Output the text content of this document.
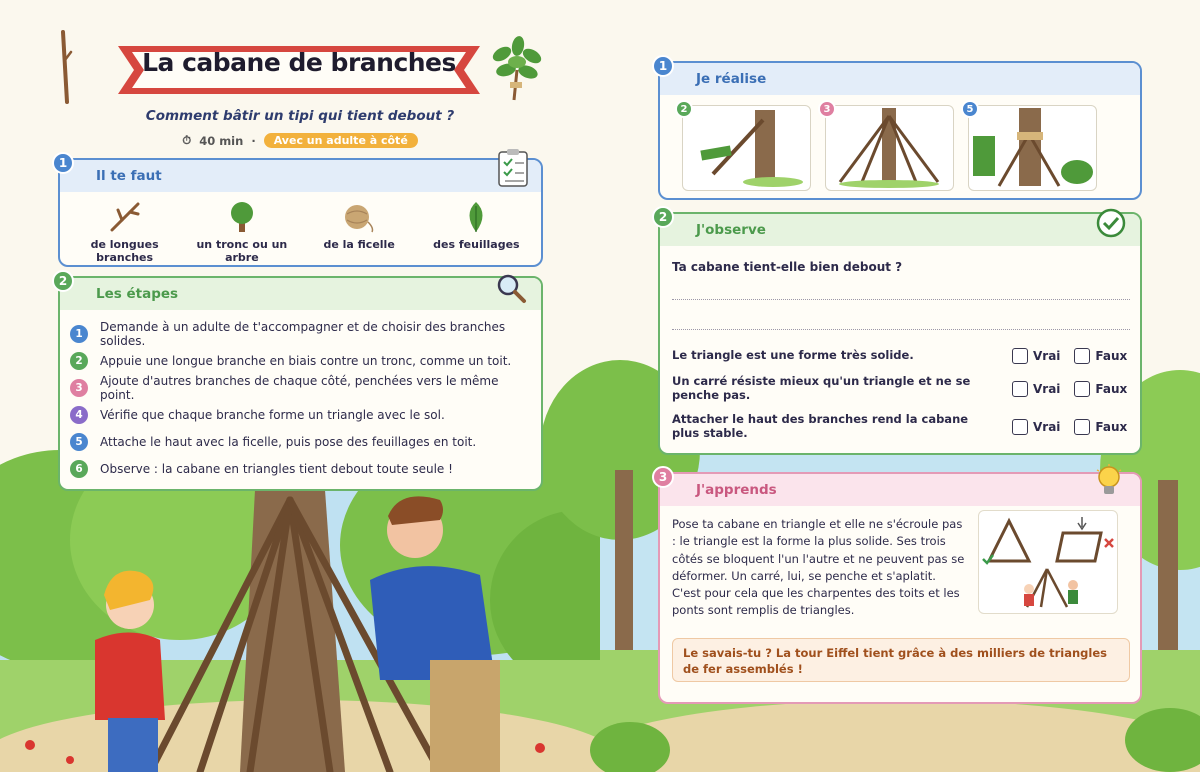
La cabane de branches
Comment bâtir un tipi qui tient debout ?
⏱ 40 min ·	Avec un adulte à côté
1
Il te faut
de longues branches
un tronc ou un arbre
de la ficelle	des feuillages
2
Les étapes
1	Demande à un adulte de t'accompagner et de choisir des branches solides.
2	Appuie une longue branche en biais contre un tronc, comme un toit.
3	Ajoute d'autres branches de chaque côté, penchées vers le même point.
4	Vérifie que chaque branche forme un triangle avec le sol.
5	Attache le haut avec la ficelle, puis pose des feuillages en toit.
6	Observe : la cabane en triangles tient debout toute seule !
1
Je réalise
2	3	5
2
J'observe
Ta cabane tient-elle bien debout ?
Le triangle est une forme très solide.	Vrai	Faux
Un carré résiste mieux qu'un triangle et ne se penche pas.	Vrai	Faux
Attacher le haut des branches rend la cabane plus stable.	Vrai	Faux
3
J'apprends
Pose ta cabane en triangle et elle ne s'écroule pas : le triangle est la forme la plus solide. Ses trois côtés se bloquent l'un l'autre et ne peuvent pas se déformer. Un carré, lui, se penche et s'aplatit. C'est pour cela que les charpentes des toits et les ponts sont remplis de triangles.
Le savais-tu ? La tour Eiffel tient grâce à des milliers de triangles de fer assemblés !
